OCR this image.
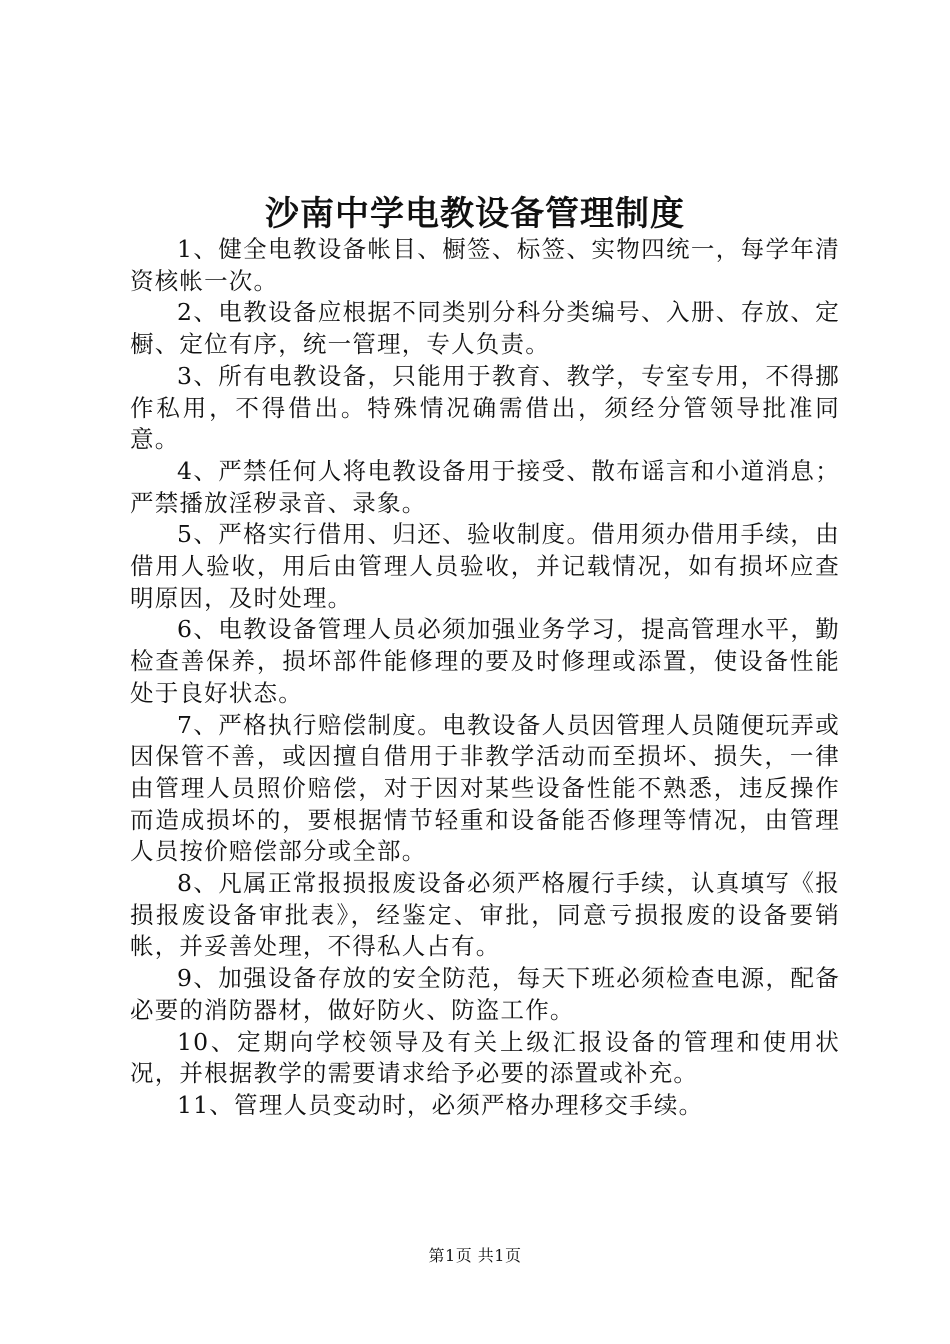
沙南中学电教设备管理制度

1、健全电教设备帐目、橱签、标签、实物四统一，每学年清资核帐一次。

2、电教设备应根据不同类别分科分类编号、入册、存放、定橱、定位有序，统一管理，专人负责。

3、所有电教设备，只能用于教育、教学，专室专用，不得挪作私用，不得借出。特殊情况确需借出，须经分管领导批准同意。

4、严禁任何人将电教设备用于接受、散布谣言和小道消息；严禁播放淫秽录音、录象。

5、严格实行借用、归还、验收制度。借用须办借用手续，由借用人验收，用后由管理人员验收，并记载情况，如有损坏应查明原因，及时处理。

6、电教设备管理人员必须加强业务学习，提高管理水平，勤检查善保养，损坏部件能修理的要及时修理或添置，使设备性能处于良好状态。

7、严格执行赔偿制度。电教设备人员因管理人员随便玩弄或因保管不善，或因擅自借用于非教学活动而至损坏、损失，一律由管理人员照价赔偿，对于因对某些设备性能不熟悉，违反操作而造成损坏的，要根据情节轻重和设备能否修理等情况，由管理人员按价赔偿部分或全部。

8、凡属正常报损报废设备必须严格履行手续，认真填写《报损报废设备审批表》，经鉴定、审批，同意亏损报废的设备要销帐，并妥善处理，不得私人占有。

9、加强设备存放的安全防范，每天下班必须检查电源，配备必要的消防器材，做好防火、防盗工作。

10、定期向学校领导及有关上级汇报设备的管理和使用状况，并根据教学的需要请求给予必要的添置或补充。

11、管理人员变动时，必须严格办理移交手续。

第1页 共1页
